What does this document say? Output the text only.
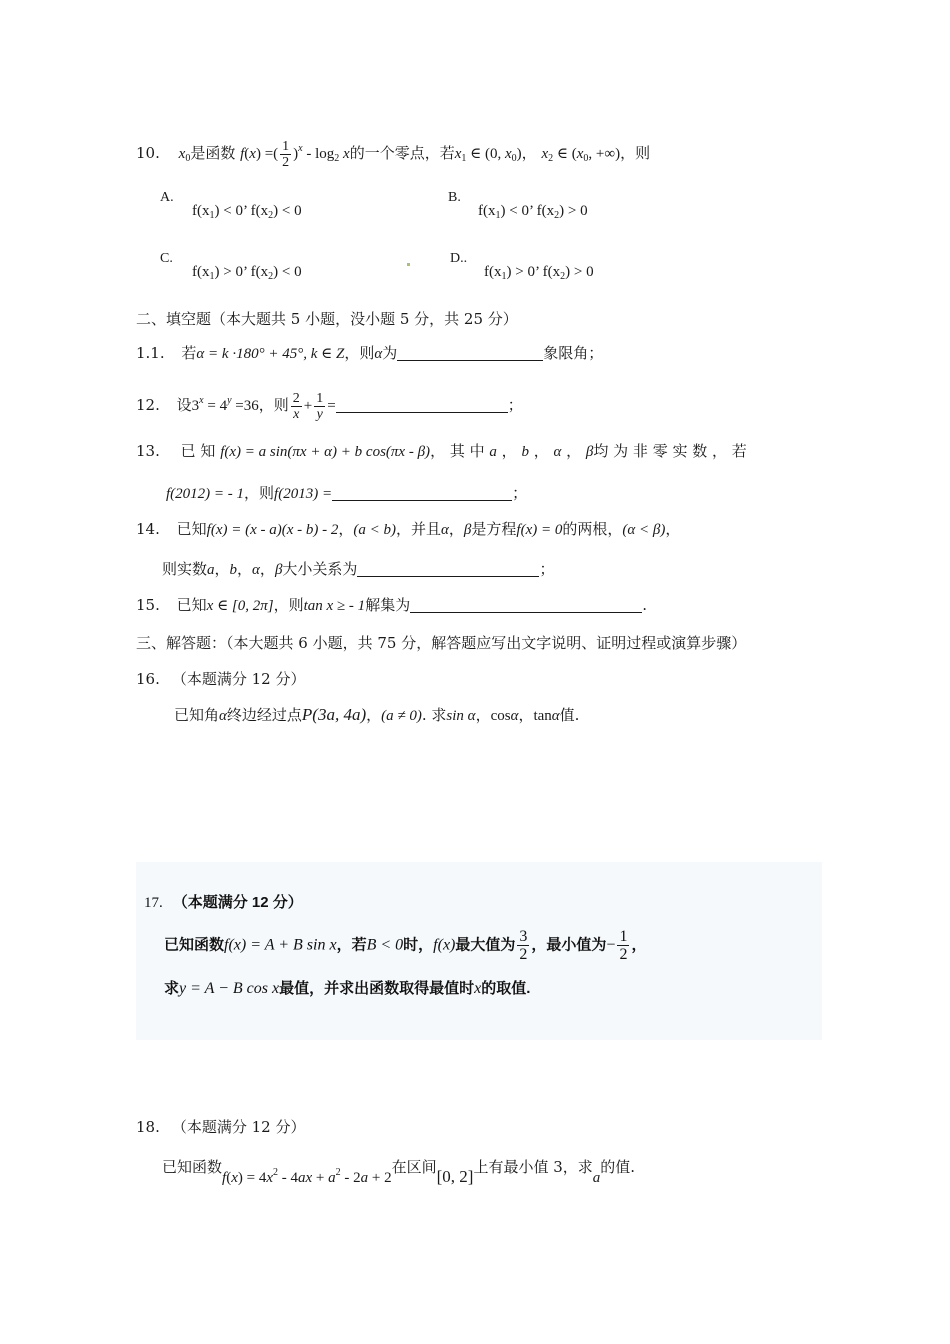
10. $x_0$是函数 f(x) =( $\frac{1}{2} )^x - \log_2 x$的一个零点，若$x_1$ ∈ (0, $x_0$)， $x_2$ ∈ ($x_0$, +∞)，则
A.
$f(x_1) < 0$’ $f(x_2) < 0$
B.
$f(x_1) < 0$’ $f(x_2) > 0$
C.
$f(x_1) > 0$’ $f(x_2) < 0$
D..
$f(x_1) > 0$’ $f(x_2) > 0$
二、填空题（本大题共 5 小题，没小题 5 分，共 25 分）
1.1. 若α = k ·180° + 45°, k ∈ Z，则α为	象限角；
12. 设$3^x = 4^y =36$，则 $\frac{2}{x} + \frac{1}{y}$ =	；
13. 已 知 f(x) = a sin(πx + α) + b cos(πx - β)， 其 中 a ， b ， α ， β均 为 非 零 实 数 ， 若
f(2012) = - 1，则f(2013) =	；
14. 已知f(x) = (x - a)(x - b) - 2，(a < b)，并且α，β是方程f(x) = 0的两根，(α < β)，
则实数a，b，α，β大小关系为	；
15. 已知x ∈ [0, 2π]，则tan x ≥ - 1解集为	.
三、解答题：（本大题共 6 小题，共 75 分，解答题应写出文字说明、证明过程或演算步骤）
16. （本题满分 12 分）
已知角α终边经过点P(3a, 4a)，(a ≠ 0). 求sin α，cosα，tanα值.
17. （本题满分 12 分）
已知函数f(x) = A + B sin x，若B < 0时，f(x)最大值为 $\frac{3}{2}$ ，最小值为− $\frac{1}{2}$ ，
求y = A − B cos x最值，并求出函数取得最值时x的取值.
18. （本题满分 12 分）
已知函数$f(x) = 4x^2 - 4ax + a^2 - 2a + 2$在区间[0, 2]上有最小值 3，求a的值.
